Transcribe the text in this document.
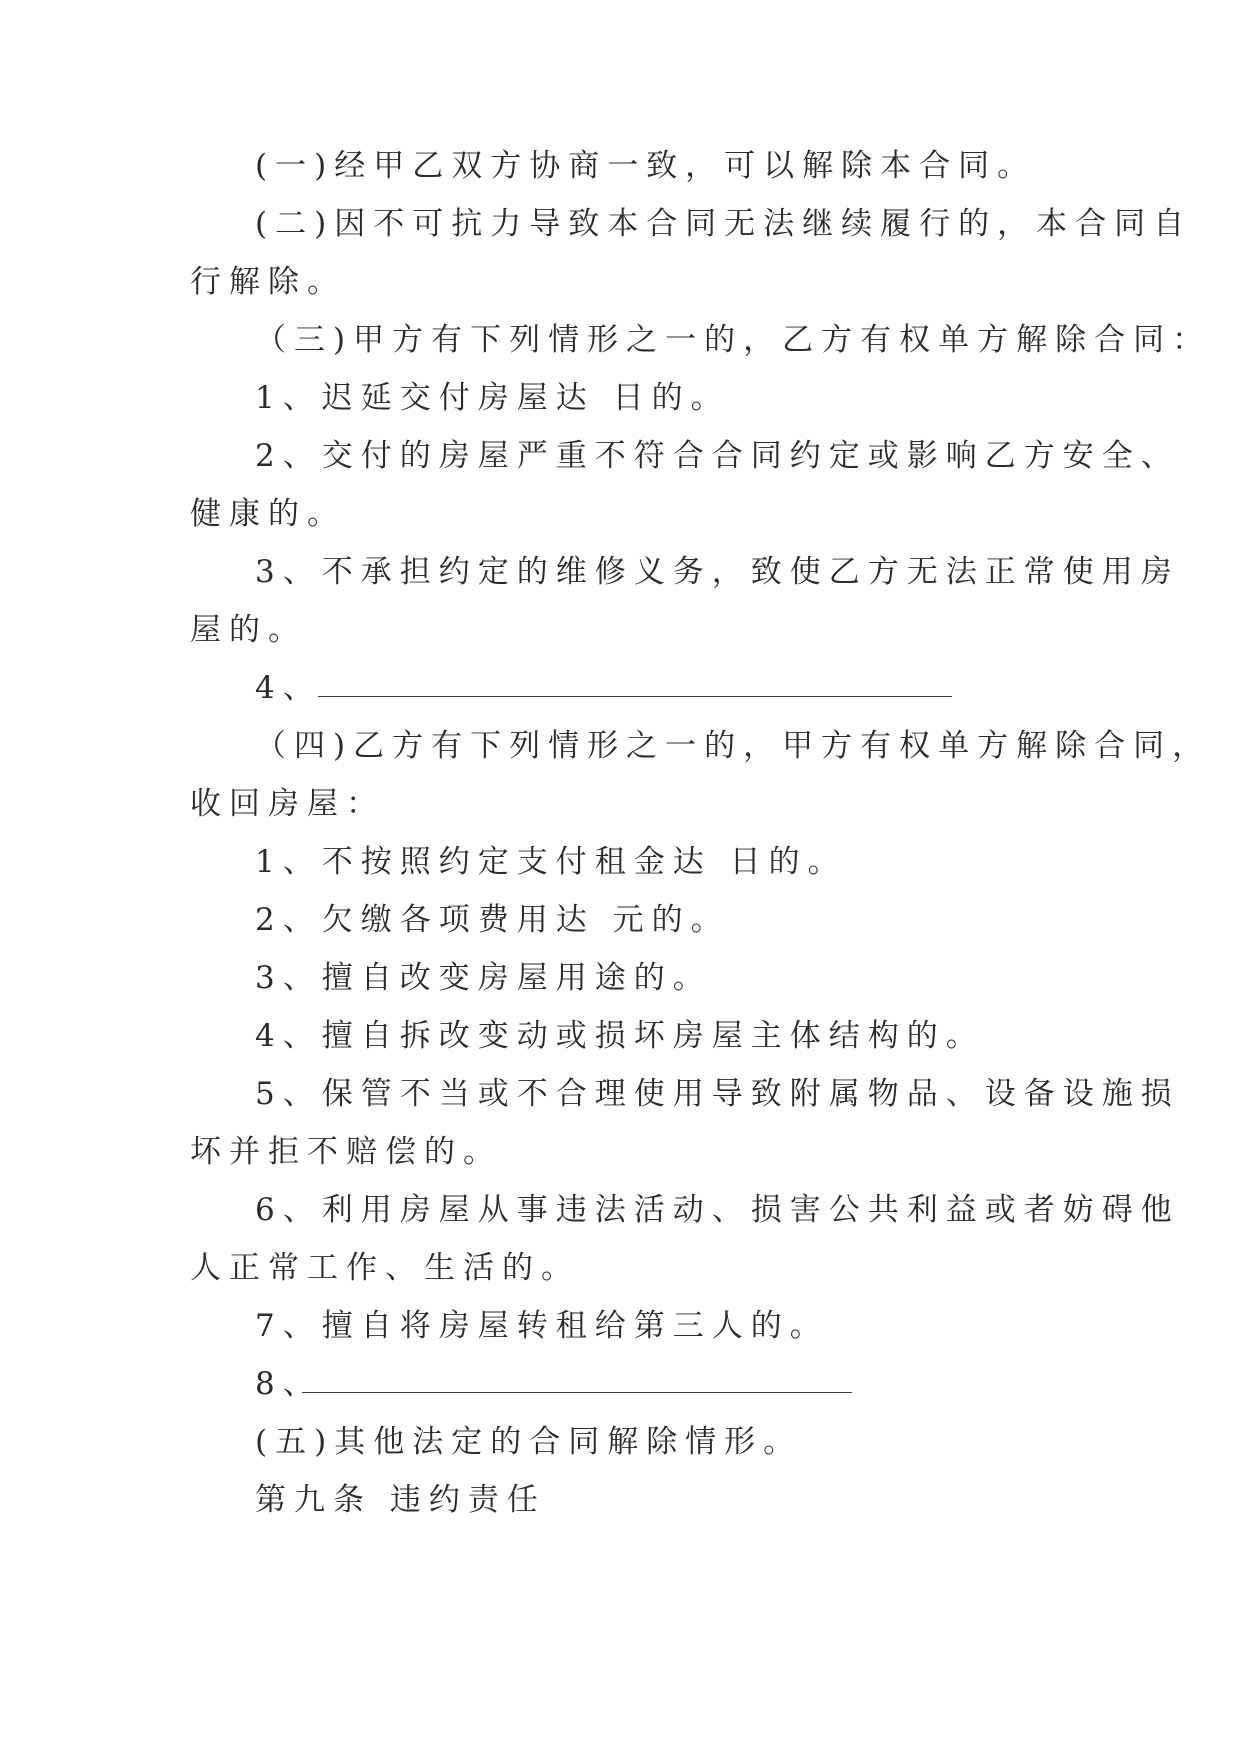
(一)经甲乙双方协商一致，可以解除本合同。
(二)因不可抗力导致本合同无法继续履行的，本合同自
行解除。
（三)甲方有下列情形之一的，乙方有权单方解除合同：
1、迟延交付房屋达 日的。
2、交付的房屋严重不符合合同约定或影响乙方安全、
健康的。
3、不承担约定的维修义务，致使乙方无法正常使用房
屋的。
4、
（四)乙方有下列情形之一的，甲方有权单方解除合同，
收回房屋：
1、不按照约定支付租金达 日的。
2、欠缴各项费用达 元的。
3、擅自改变房屋用途的。
4、擅自拆改变动或损坏房屋主体结构的。
5、保管不当或不合理使用导致附属物品、设备设施损
坏并拒不赔偿的。
6、利用房屋从事违法活动、损害公共利益或者妨碍他
人正常工作、生活的。
7、擅自将房屋转租给第三人的。
8、
(五)其他法定的合同解除情形。
第九条 违约责任
